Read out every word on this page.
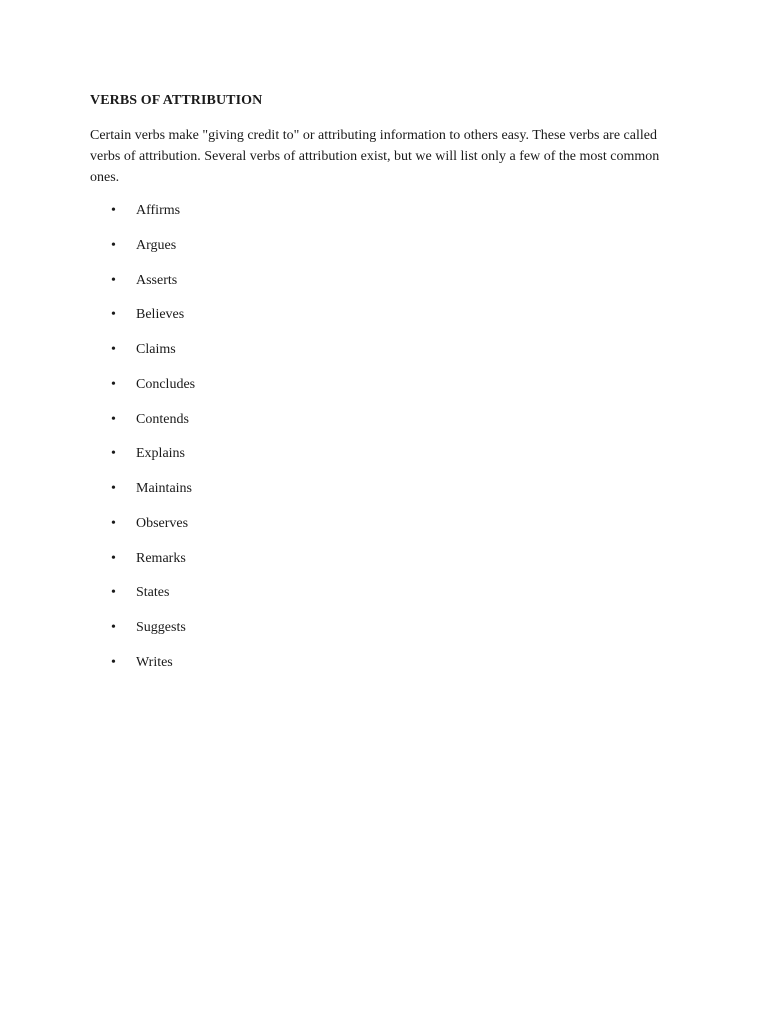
VERBS OF ATTRIBUTION
Certain verbs make "giving credit to" or attributing information to others easy. These verbs are called verbs of attribution. Several verbs of attribution exist, but we will list only a few of the most common ones.
• Affirms
• Argues
• Asserts
• Believes
• Claims
• Concludes
• Contends
• Explains
• Maintains
• Observes
• Remarks
• States
• Suggests
• Writes
